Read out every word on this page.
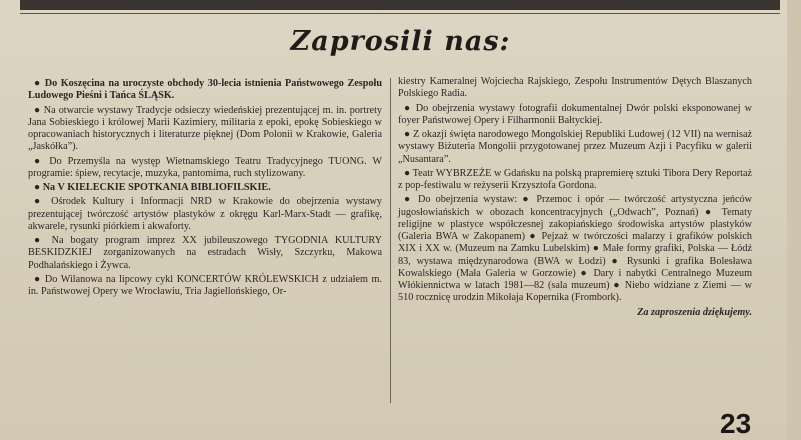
Zaprosili nas:

● Do Koszęcina na uroczyste obchody 30-lecia istnienia Państwowego Zespołu Ludowego Pieśni i Tańca ŚLĄSK.

● Na otwarcie wystawy Tradycje odsieczy wiedeńskiej prezentującej m. in. portrety Jana Sobieskiego i królowej Marii Kazimiery, militaria z epoki, epokę Sobieskiego w opracowaniach historycznych i literaturze pięknej (Dom Polonii w Krakowie, Galeria „Jaskółka”).

● Do Przemyśla na występ Wietnamskiego Teatru Tradycyjnego TUONG. W programie: śpiew, recytacje, muzyka, pantomima, ruch stylizowany.

● Na V KIELECKIE SPOTKANIA BIBLIOFILSKIE.

● Ośrodek Kultury i Informacji NRD w Krakowie do obejrzenia wystawy prezentującej twórczość artystów plastyków z okręgu Karl-Marx-Stadt — grafikę, akwarele, rysunki piórkiem i akwaforty.

● Na bogaty program imprez XX jubileuszowego TYGODNIA KULTURY BESKIDZKIEJ zorganizowanych na estradach Wisły, Szczyrku, Makowa Podhalańskiego i Żywca.

● Do Wilanowa na lipcowy cykl KONCERTÓW KRÓLEWSKICH z udziałem m. in. Państwowej Opery we Wrocławiu, Tria Jagiellońskiego, Or-

kiestry Kameralnej Wojciecha Rajskiego, Zespołu Instrumentów Dętych Blaszanych Polskiego Radia.

● Do obejrzenia wystawy fotografii dokumentalnej Dwór polski eksponowanej w foyer Państwowej Opery i Filharmonii Bałtyckiej.

● Z okazji święta narodowego Mongolskiej Republiki Ludowej (12 VII) na wernisaż wystawy Biżuteria Mongolii przygotowanej przez Muzeum Azji i Pacyfiku w galerii „Nusantara”.

● Teatr WYBRZEŻE w Gdańsku na polską prapremierę sztuki Tibora Dery Reportaż z pop-festiwalu w reżyserii Krzysztofa Gordona.

● Do obejrzenia wystaw: ● Przemoc i opór — twórczość artystyczna jeńców jugosłowiańskich w obozach koncentracyjnych („Odwach”, Poznań) ● Tematy religijne w plastyce współczesnej zakopiańskiego środowiska artystów plastyków (Galeria BWA w Zakopanem) ● Pejzaż w twórczości malarzy i grafików polskich XIX i XX w. (Muzeum na Zamku Lubelskim) ● Małe formy grafiki, Polska — Łódź 83, wystawa międzynarodowa (BWA w Łodzi) ● Rysunki i grafika Bolesława Kowalskiego (Mała Galeria w Gorzowie) ● Dary i nabytki Centralnego Muzeum Włókiennictwa w latach 1981—82 (sala muzeum) ● Niebo widziane z Ziemi — w 510 rocznicę urodzin Mikołaja Kopernika (Frombork).

Za zaproszenia dziękujemy.

23
